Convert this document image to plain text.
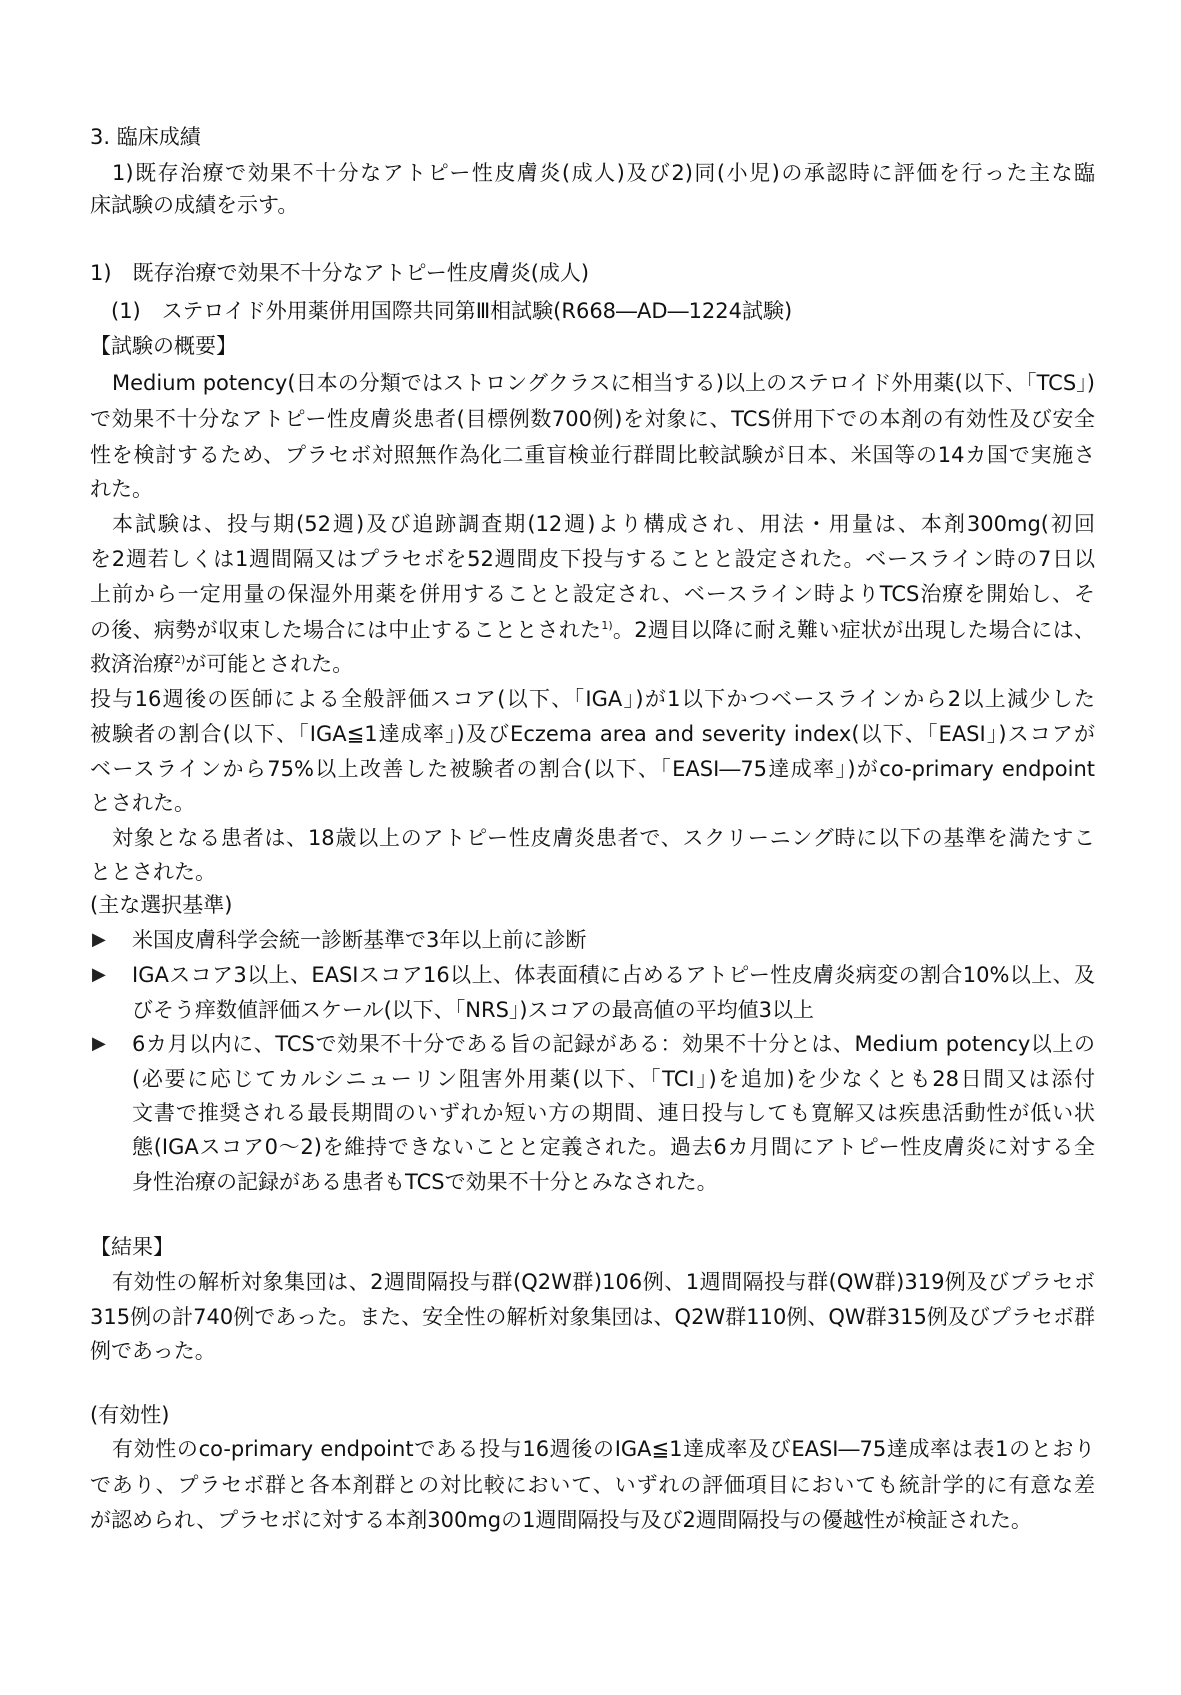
3. 臨床成績
1)既存治療で効果不十分なアトピー性皮膚炎(成人)及び2)同(小児)の承認時に評価を行った主な臨
床試験の成績を示す。
1)　既存治療で効果不十分なアトピー性皮膚炎(成人)
　(1)　ステロイド外用薬併用国際共同第Ⅲ相試験(R668―AD―1224試験)
【試験の概要】
Medium potency(日本の分類ではストロングクラスに相当する)以上のステロイド外用薬(以下、「TCS」)
で効果不十分なアトピー性皮膚炎患者(目標例数700例)を対象に、TCS併用下での本剤の有効性及び安全
性を検討するため、プラセボ対照無作為化二重盲検並行群間比較試験が日本、米国等の14カ国で実施さ
れた。
本試験は、投与期(52週)及び追跡調査期(12週)より構成され、用法・用量は、本剤300mg(初回
を2週若しくは1週間隔又はプラセボを52週間皮下投与することと設定された。ベースライン時の7日以
上前から一定用量の保湿外用薬を併用することと設定され、ベースライン時よりTCS治療を開始し、そ
の後、病勢が収束した場合には中止することとされた$^{1)}$。2週目以降に耐え難い症状が出現した場合には、
救済治療$^{2)}$が可能とされた。
投与16週後の医師による全般評価スコア(以下、「IGA」)が1以下かつベースラインから2以上減少した
被験者の割合(以下、「IGA≦1達成率」)及びEczema area and severity index(以下、「EASI」)スコアが
ベースラインから75%以上改善した被験者の割合(以下、「EASI―75達成率」)がco-primary endpoint
とされた。
対象となる患者は、18歳以上のアトピー性皮膚炎患者で、スクリーニング時に以下の基準を満たすこ
ととされた。
(主な選択基準)
米国皮膚科学会統一診断基準で3年以上前に診断
▶
IGAスコア3以上、EASIスコア16以上、体表面積に占めるアトピー性皮膚炎病変の割合10%以上、及
▶
びそう痒数値評価スケール(以下、「NRS」)スコアの最高値の平均値3以上
6カ月以内に、TCSで効果不十分である旨の記録がある：効果不十分とは、Medium potency以上の
▶
(必要に応じてカルシニューリン阻害外用薬(以下、「TCI」)を追加)を少なくとも28日間又は添付
文書で推奨される最長期間のいずれか短い方の期間、連日投与しても寛解又は疾患活動性が低い状
態(IGAスコア0～2)を維持できないことと定義された。過去6カ月間にアトピー性皮膚炎に対する全
身性治療の記録がある患者もTCSで効果不十分とみなされた。
【結果】
有効性の解析対象集団は、2週間隔投与群(Q2W群)106例、1週間隔投与群(QW群)319例及びプラセボ
315例の計740例であった。また、安全性の解析対象集団は、Q2W群110例、QW群315例及びプラセボ群
例であった。
(有効性)
有効性のco-primary endpointである投与16週後のIGA≦1達成率及びEASI―75達成率は表1のとおり
であり、プラセボ群と各本剤群との対比較において、いずれの評価項目においても統計学的に有意な差
が認められ、プラセボに対する本剤300mgの1週間隔投与及び2週間隔投与の優越性が検証された。
